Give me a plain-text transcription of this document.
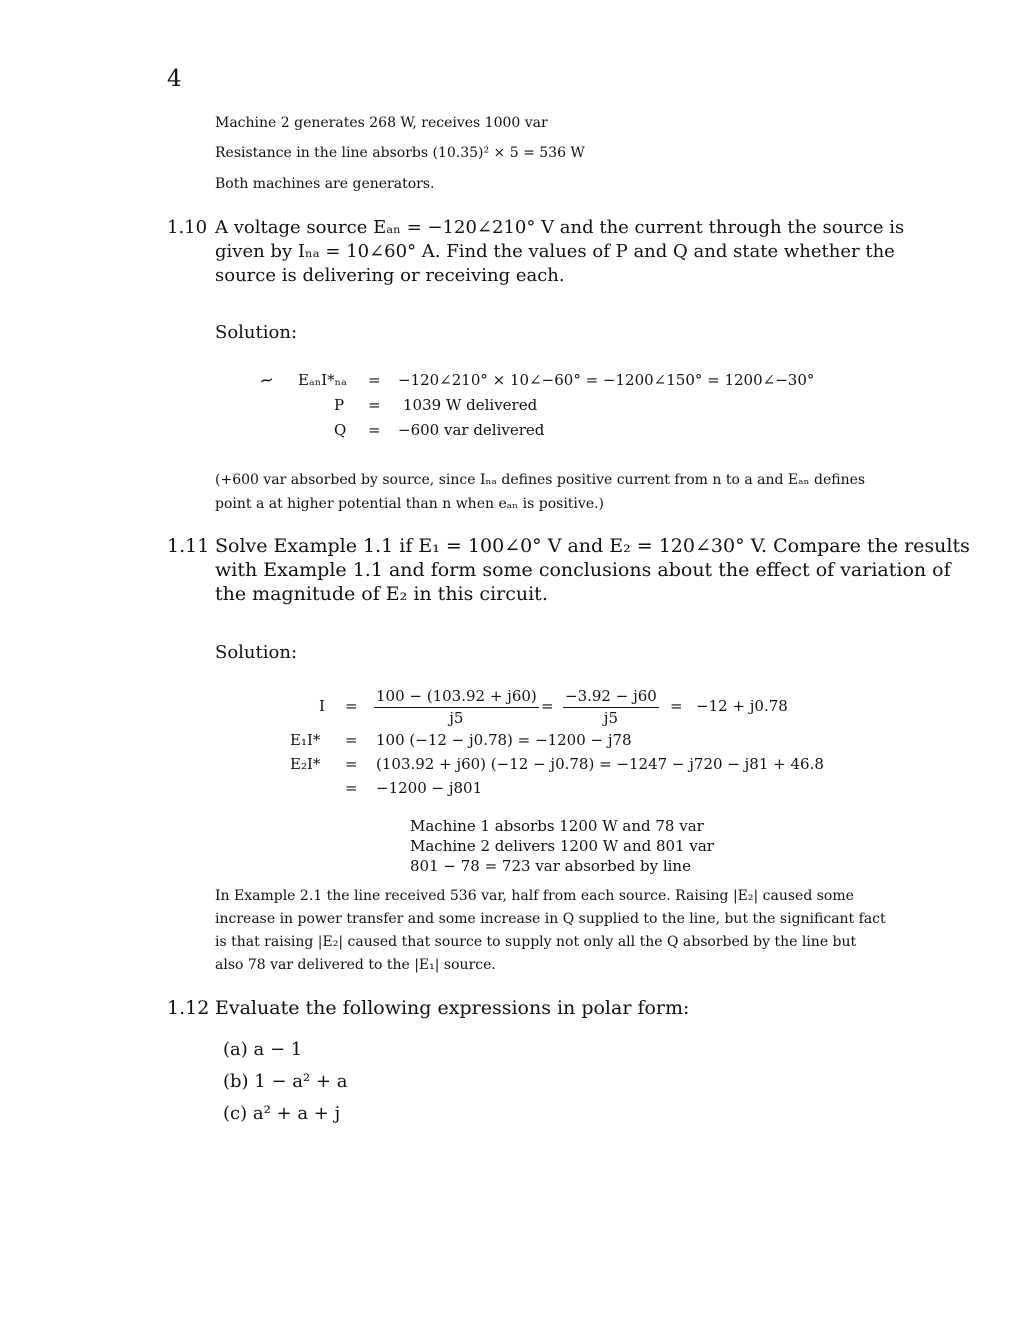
4
Machine 2 generates 268 W, receives 1000 var
Resistance in the line absorbs (10.35)² × 5 = 536 W
Both machines are generators.
1.10 A voltage source Eₐₙ = −120∠210° V and the current through the source is
given by Iₙₐ = 10∠60° A. Find the values of P and Q and state whether the
source is delivering or receiving each.
Solution:
~ EₐₙI*ₙₐ = −120∠210° × 10∠−60° = −1200∠150° = 1200∠−30°
P = 1039 W delivered
Q = −600 var delivered
(+600 var absorbed by source, since Iₙₐ defines positive current from n to a and Eₐₙ defines
point a at higher potential than n when eₐₙ is positive.)
1.11 Solve Example 1.1 if E₁ = 100∠0° V and E₂ = 120∠30° V. Compare the results
with Example 1.1 and form some conclusions about the effect of variation of
the magnitude of E₂ in this circuit.
Solution:
$I = \frac{100 - (103.92 + j60)}{j5} = \frac{-3.92 - j60}{j5} = -12 + j0.78$
E₁I* = 100 (−12 − j0.78) = −1200 − j78
E₂I* = (103.92 + j60) (−12 − j0.78) = −1247 − j720 − j81 + 46.8
= −1200 − j801
Machine 1 absorbs 1200 W and 78 var
Machine 2 delivers 1200 W and 801 var
801 − 78 = 723 var absorbed by line
In Example 2.1 the line received 536 var, half from each source. Raising |E₂| caused some
increase in power transfer and some increase in Q supplied to the line, but the significant fact
is that raising |E₂| caused that source to supply not only all the Q absorbed by the line but
also 78 var delivered to the |E₁| source.
1.12 Evaluate the following expressions in polar form:
(a) a − 1
(b) 1 − a² + a
(c) a² + a + j
